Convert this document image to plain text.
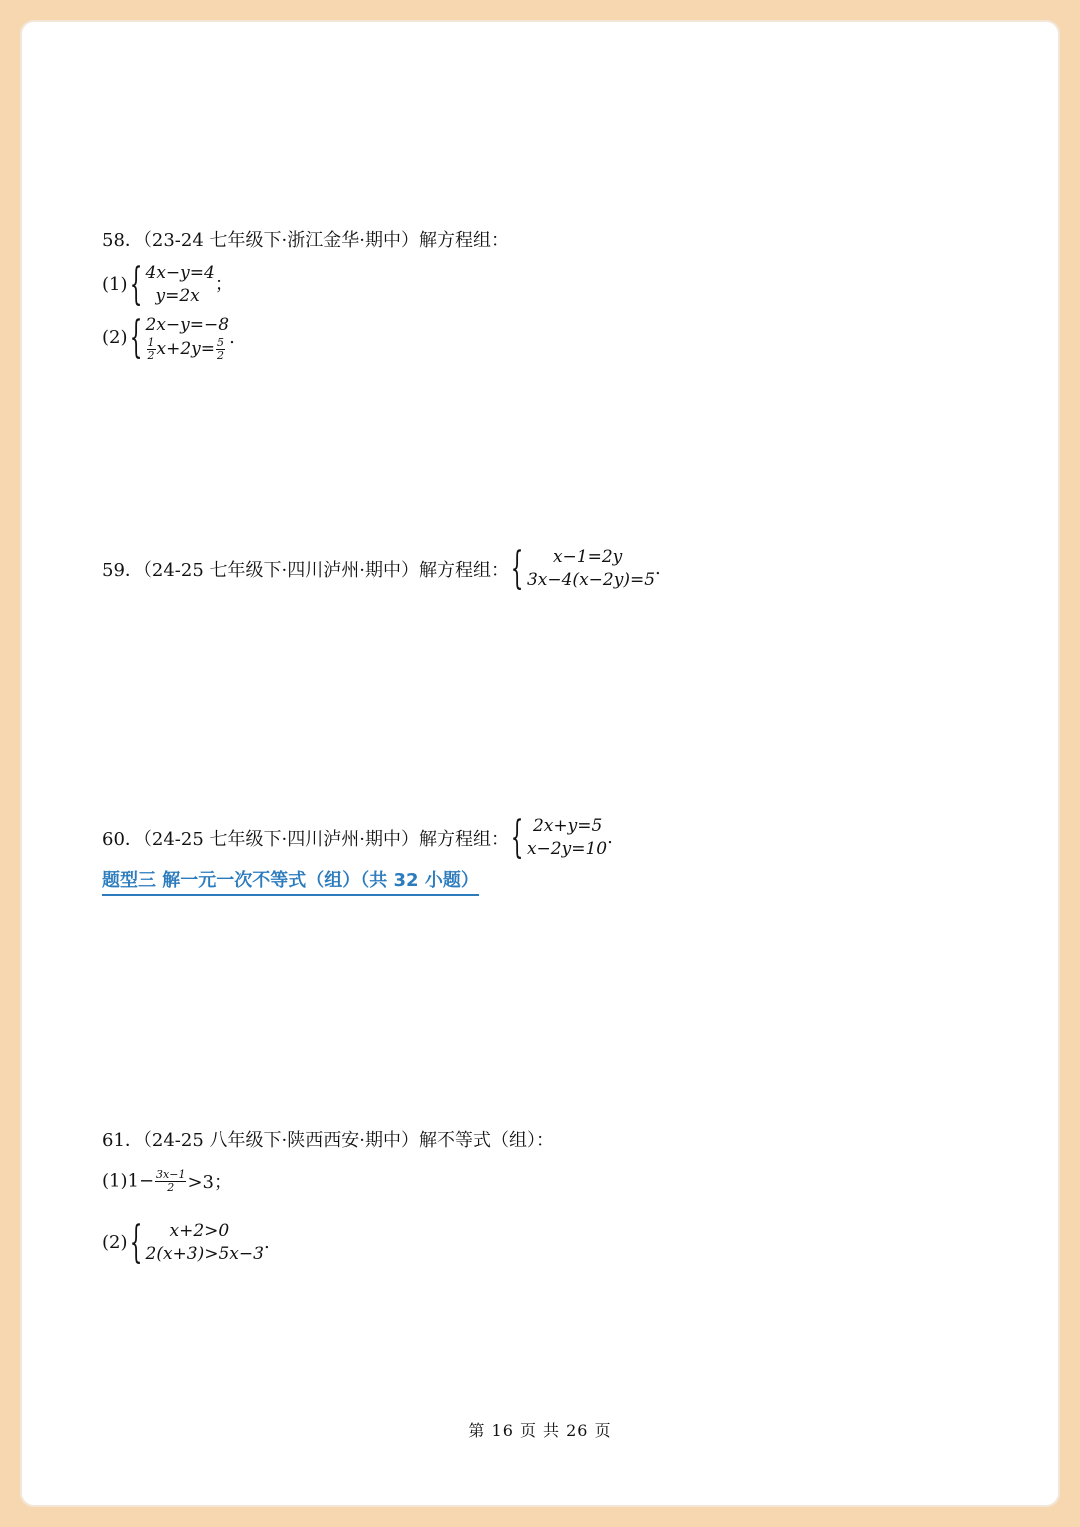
58．（23-24 七年级下·浙江金华·期中）解方程组：
(1) { 4x−y=4
y=2x
；
(2) { 2x−y=−8
$\frac{1}{2} x+2y= \frac{5}{2}$ .
59．（24-25 七年级下·四川泸州·期中）解方程组： {	x−1=2y
3x−4(x−2y)=5
.
60．（24-25 七年级下·四川泸州·期中）解方程组： { 2x+y=5
x−2y=10
.
题型三 解一元一次不等式（组）（共 32 小题）
61．（24-25 八年级下·陕西西安·期中）解不等式（组）：
$(1)1- \frac{3x-1}{2} >3$；
(2) {	x+2>0
2(x+3)>5x−3
.
第 16 页 共 26 页
